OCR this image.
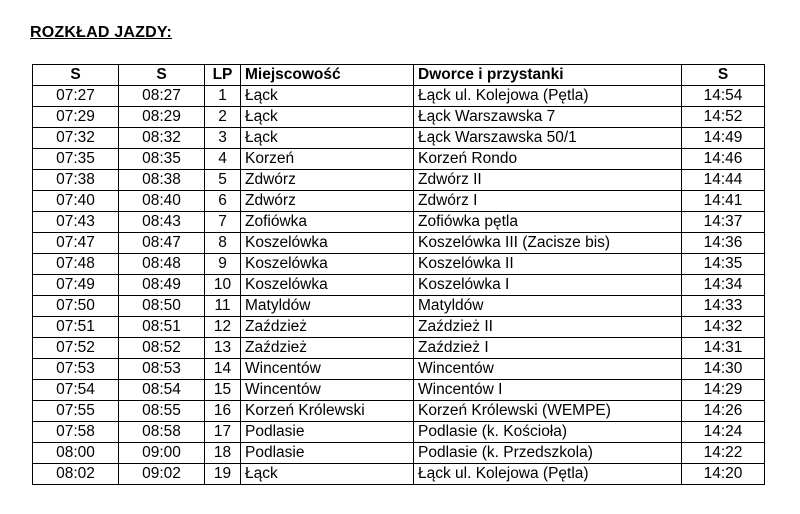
ROZKŁAD JAZDY:
S	S	LP	Miejscowość	Dworce i przystanki	S
07:27	08:27	1	Łąck	Łąck ul. Kolejowa (Pętla)	14:54
07:29	08:29	2	Łąck	Łąck Warszawska 7	14:52
07:32	08:32	3	Łąck	Łąck Warszawska 50/1	14:49
07:35	08:35	4	Korzeń	Korzeń Rondo	14:46
07:38	08:38	5	Zdwórz	Zdwórz II	14:44
07:40	08:40	6	Zdwórz	Zdwórz I	14:41
07:43	08:43	7	Zofiówka	Zofiówka pętla	14:37
07:47	08:47	8	Koszelówka	Koszelówka III (Zacisze bis)	14:36
07:48	08:48	9	Koszelówka	Koszelówka II	14:35
07:49	08:49	10	Koszelówka	Koszelówka I	14:34
07:50	08:50	11	Matyldów	Matyldów	14:33
07:51	08:51	12	Zaździeż	Zaździeż II	14:32
07:52	08:52	13	Zaździeż	Zaździeż I	14:31
07:53	08:53	14	Wincentów	Wincentów	14:30
07:54	08:54	15	Wincentów	Wincentów I	14:29
07:55	08:55	16	Korzeń Królewski	Korzeń Królewski (WEMPE)	14:26
07:58	08:58	17	Podlasie	Podlasie (k. Kościoła)	14:24
08:00	09:00	18	Podlasie	Podlasie (k. Przedszkola)	14:22
08:02	09:02	19	Łąck	Łąck ul. Kolejowa (Pętla)	14:20
